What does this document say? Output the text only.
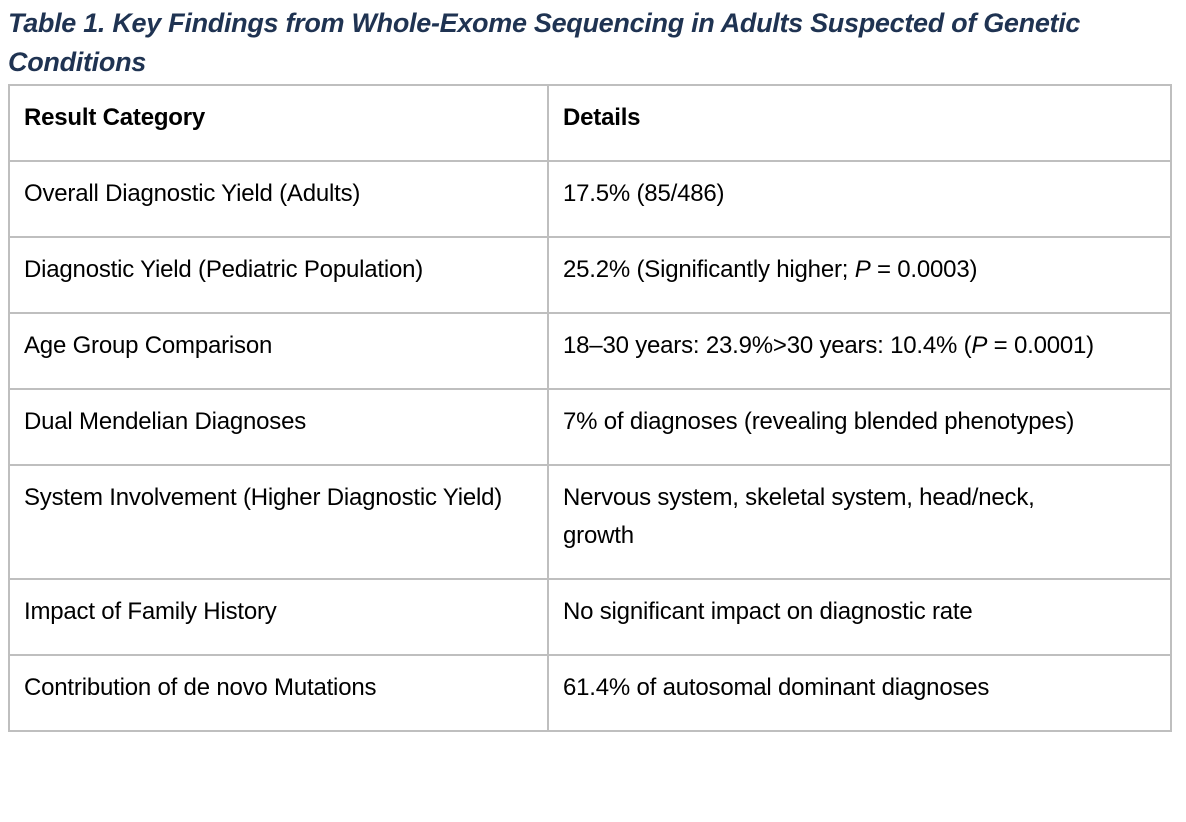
Table 1. Key Findings from Whole-Exome Sequencing in Adults Suspected of Genetic Conditions
Result Category	Details
Overall Diagnostic Yield (Adults)	17.5% (85/486)
Diagnostic Yield (Pediatric Population)	25.2% (Significantly higher; P = 0.0003)
Age Group Comparison	18–30 years: 23.9%>30 years: 10.4% (P = 0.0001)
Dual Mendelian Diagnoses	7% of diagnoses (revealing blended phenotypes)
System Involvement (Higher Diagnostic Yield)	Nervous system, skeletal system, head/neck, growth
Impact of Family History	No significant impact on diagnostic rate
Contribution of de novo Mutations	61.4% of autosomal dominant diagnoses
